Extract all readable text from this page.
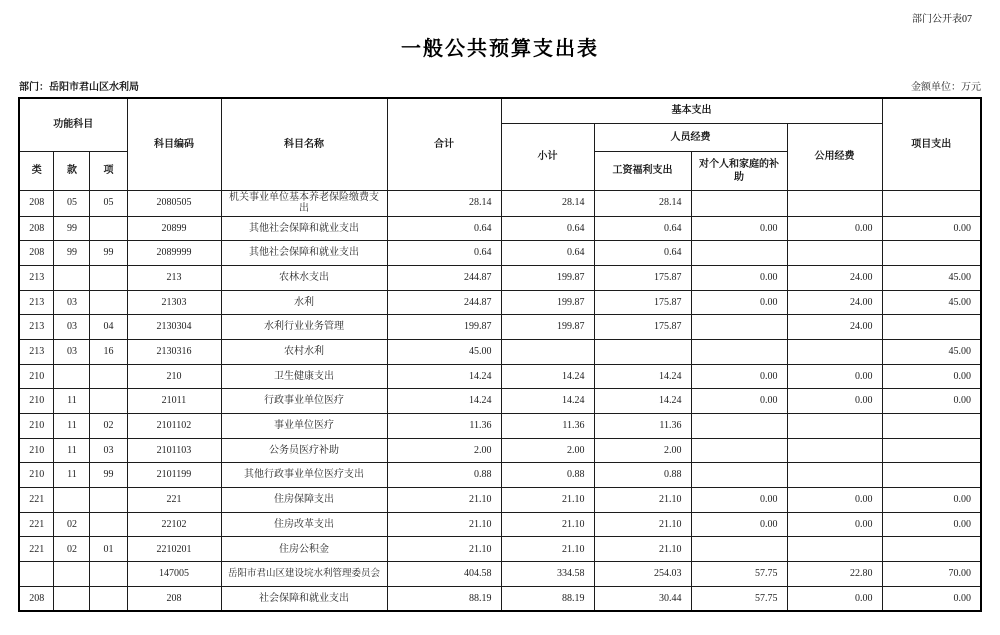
部门公开表07
一般公共预算支出表
部门：岳阳市君山区水利局	金额单位：万元
功能科目			科目编码	科目名称	合计	基本支出				项目支出
						小计	人员经费		公用经费	
类	款	项					工资福利支出	对个人和家庭的补助		
208	05	05	2080505	机关事业单位基本养老保险缴费支出	28.14	28.14	28.14			
208	99		20899	其他社会保障和就业支出	0.64	0.64	0.64	0.00	0.00	0.00
208	99	99	2089999	其他社会保障和就业支出	0.64	0.64	0.64			
213			213	农林水支出	244.87	199.87	175.87	0.00	24.00	45.00
213	03		21303	水利	244.87	199.87	175.87	0.00	24.00	45.00
213	03	04	2130304	水利行业业务管理	199.87	199.87	175.87		24.00	
213	03	16	2130316	农村水利	45.00					45.00
210			210	卫生健康支出	14.24	14.24	14.24	0.00	0.00	0.00
210	11		21011	行政事业单位医疗	14.24	14.24	14.24	0.00	0.00	0.00
210	11	02	2101102	事业单位医疗	11.36	11.36	11.36			
210	11	03	2101103	公务员医疗补助	2.00	2.00	2.00			
210	11	99	2101199	其他行政事业单位医疗支出	0.88	0.88	0.88			
221			221	住房保障支出	21.10	21.10	21.10	0.00	0.00	0.00
221	02		22102	住房改革支出	21.10	21.10	21.10	0.00	0.00	0.00
221	02	01	2210201	住房公积金	21.10	21.10	21.10			
			147005	岳阳市君山区建设垸水利管理委员会	404.58	334.58	254.03	57.75	22.80	70.00
208			208	社会保障和就业支出	88.19	88.19	30.44	57.75	0.00	0.00
